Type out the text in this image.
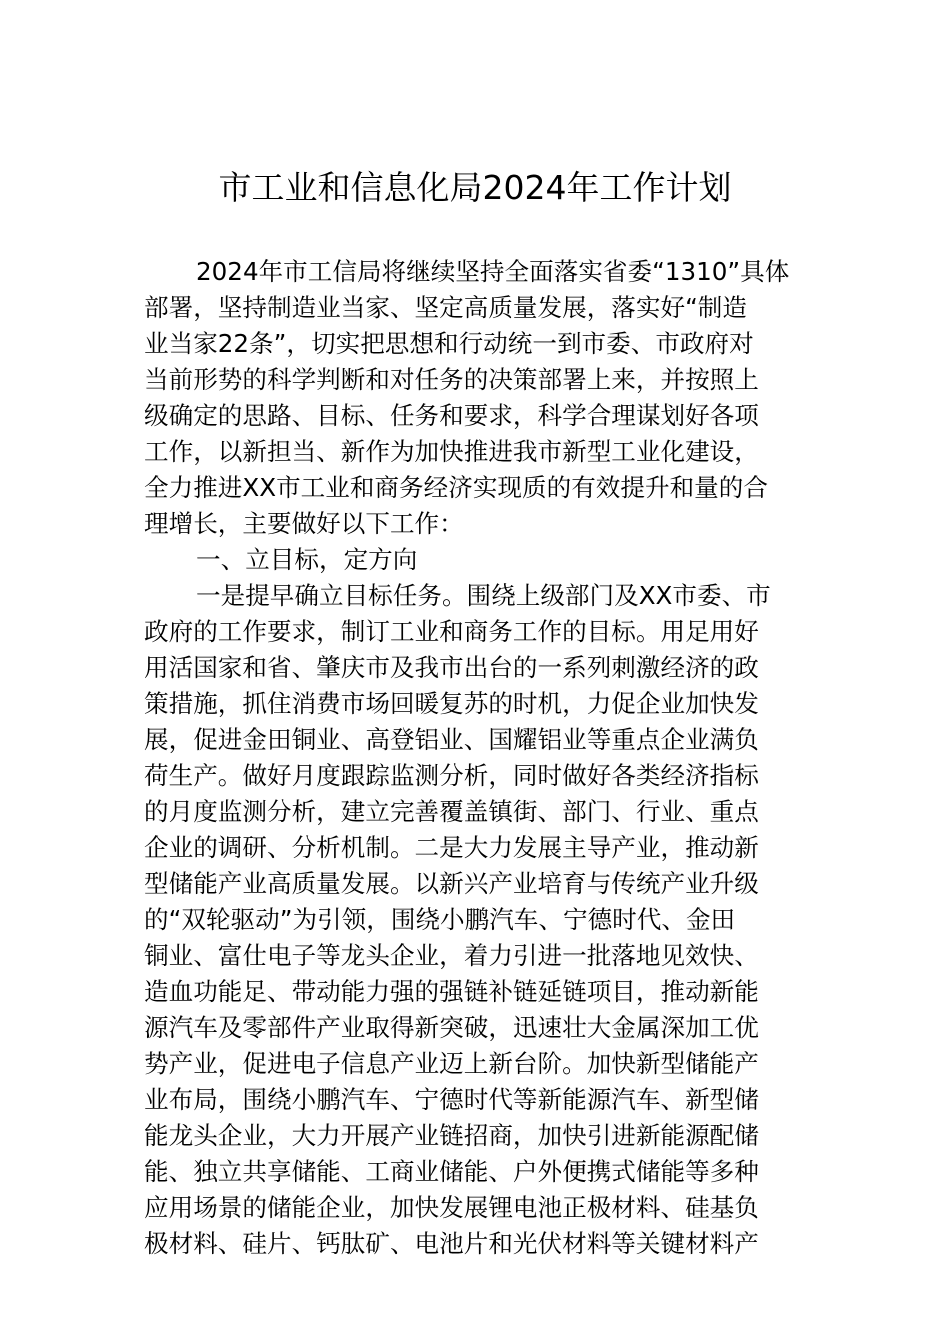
市工业和信息化局2024年工作计划
2024年市工信局将继续坚持全面落实省委“1310”具体
部署，坚持制造业当家、坚定高质量发展，落实好“制造
业当家22条”，切实把思想和行动统一到市委、市政府对
当前形势的科学判断和对任务的决策部署上来，并按照上
级确定的思路、目标、任务和要求，科学合理谋划好各项
工作，以新担当、新作为加快推进我市新型工业化建设，
全力推进XX市工业和商务经济实现质的有效提升和量的合
理增长，主要做好以下工作：
一、立目标，定方向
一是提早确立目标任务。围绕上级部门及XX市委、市
政府的工作要求，制订工业和商务工作的目标。用足用好
用活国家和省、肇庆市及我市出台的一系列刺激经济的政
策措施，抓住消费市场回暖复苏的时机，力促企业加快发
展，促进金田铜业、高登铝业、国耀铝业等重点企业满负
荷生产。做好月度跟踪监测分析，同时做好各类经济指标
的月度监测分析，建立完善覆盖镇街、部门、行业、重点
企业的调研、分析机制。二是大力发展主导产业，推动新
型储能产业高质量发展。以新兴产业培育与传统产业升级
的“双轮驱动”为引领，围绕小鹏汽车、宁德时代、金田
铜业、富仕电子等龙头企业，着力引进一批落地见效快、
造血功能足、带动能力强的强链补链延链项目，推动新能
源汽车及零部件产业取得新突破，迅速壮大金属深加工优
势产业，促进电子信息产业迈上新台阶。加快新型储能产
业布局，围绕小鹏汽车、宁德时代等新能源汽车、新型储
能龙头企业，大力开展产业链招商，加快引进新能源配储
能、独立共享储能、工商业储能、户外便携式储能等多种
应用场景的储能企业，加快发展锂电池正极材料、硅基负
极材料、硅片、钙肽矿、电池片和光伏材料等关键材料产
